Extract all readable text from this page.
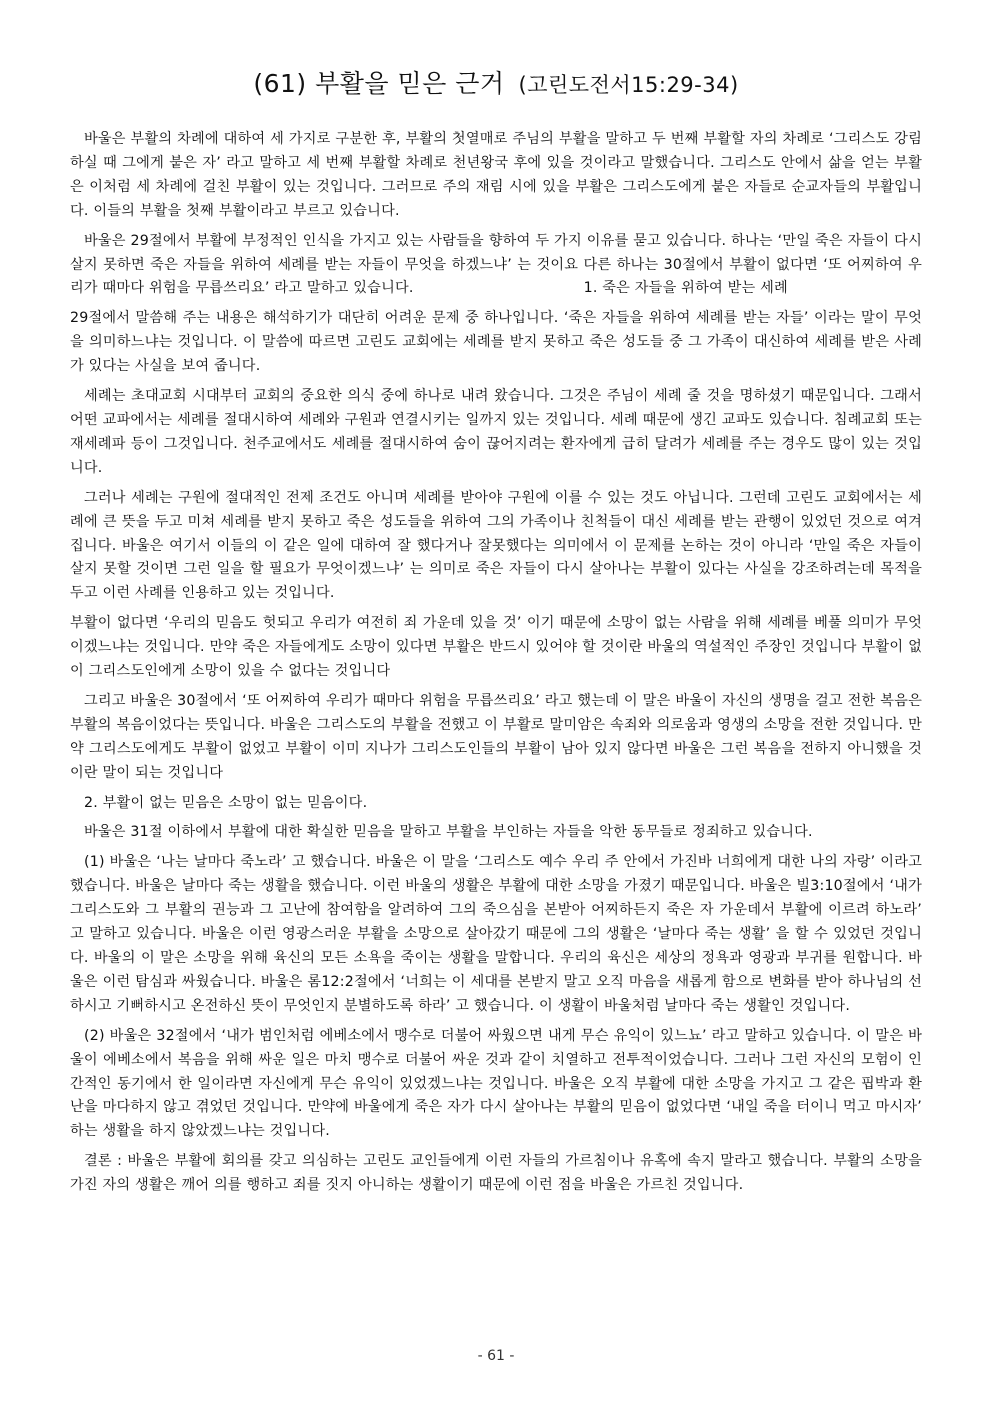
(61) 부활을 믿은 근거 (고린도전서15:29-34)

바울은 부활의 차례에 대하여 세 가지로 구분한 후, 부활의 첫열매로 주님의 부활을 말하고 두 번째 부활할 자의 차례로 ‘그리스도 강림하실 때 그에게 붙은 자’ 라고 말하고 세 번째 부활할 차례로 천년왕국 후에 있을 것이라고 말했습니다. 그리스도 안에서 삶을 얻는 부활은 이처럼 세 차례에 걸친 부활이 있는 것입니다. 그러므로 주의 재림 시에 있을 부활은 그리스도에게 붙은 자들로 순교자들의 부활입니다. 이들의 부활을 첫째 부활이라고 부르고 있습니다.

바울은 29절에서 부활에 부정적인 인식을 가지고 있는 사람들을 향하여 두 가지 이유를 묻고 있습니다. 하나는 ‘만일 죽은 자들이 다시 살지 못하면 죽은 자들을 위하여 세례를 받는 자들이 무엇을 하겠느냐’ 는 것이요 다른 하나는 30절에서 부활이 없다면 ‘또 어찌하여 우리가 때마다 위험을 무릅쓰리요’ 라고 말하고 있습니다.	1. 죽은 자들을 위하여 받는 세례

29절에서 말씀해 주는 내용은 해석하기가 대단히 어려운 문제 중 하나입니다. ‘죽은 자들을 위하여 세례를 받는 자들’ 이라는 말이 무엇을 의미하느냐는 것입니다. 이 말씀에 따르면 고린도 교회에는 세례를 받지 못하고 죽은 성도들 중 그 가족이 대신하여 세례를 받은 사례가 있다는 사실을 보여 줍니다.

세례는 초대교회 시대부터 교회의 중요한 의식 중에 하나로 내려 왔습니다. 그것은 주님이 세례 줄 것을 명하셨기 때문입니다. 그래서 어떤 교파에서는 세례를 절대시하여 세례와 구원과 연결시키는 일까지 있는 것입니다. 세례 때문에 생긴 교파도 있습니다. 침례교회 또는 재세례파 등이 그것입니다. 천주교에서도 세례를 절대시하여 숨이 끊어지려는 환자에게 급히 달려가 세례를 주는 경우도 많이 있는 것입니다.

그러나 세례는 구원에 절대적인 전제 조건도 아니며 세례를 받아야 구원에 이를 수 있는 것도 아닙니다. 그런데 고린도 교회에서는 세례에 큰 뜻을 두고 미쳐 세례를 받지 못하고 죽은 성도들을 위하여 그의 가족이나 친척들이 대신 세례를 받는 관행이 있었던 것으로 여겨집니다. 바울은 여기서 이들의 이 같은 일에 대하여 잘 했다거나 잘못했다는 의미에서 이 문제를 논하는 것이 아니라 ‘만일 죽은 자들이 살지 못할 것이면 그런 일을 할 필요가 무엇이겠느냐’ 는 의미로 죽은 자들이 다시 살아나는 부활이 있다는 사실을 강조하려는데 목적을 두고 이런 사례를 인용하고 있는 것입니다.

부활이 없다면 ‘우리의 믿음도 헛되고 우리가 여전히 죄 가운데 있을 것’ 이기 때문에 소망이 없는 사람을 위해 세례를 베풀 의미가 무엇이겠느냐는 것입니다. 만약 죽은 자들에게도 소망이 있다면 부활은 반드시 있어야 할 것이란 바울의 역설적인 주장인 것입니다 부활이 없이 그리스도인에게 소망이 있을 수 없다는 것입니다

그리고 바울은 30절에서 ‘또 어찌하여 우리가 때마다 위험을 무릅쓰리요’ 라고 했는데 이 말은 바울이 자신의 생명을 걸고 전한 복음은 부활의 복음이었다는 뜻입니다. 바울은 그리스도의 부활을 전했고 이 부활로 말미암은 속죄와 의로움과 영생의 소망을 전한 것입니다. 만약 그리스도에게도 부활이 없었고 부활이 이미 지나가 그리스도인들의 부활이 남아 있지 않다면 바울은 그런 복음을 전하지 아니했을 것이란 말이 되는 것입니다

2. 부활이 없는 믿음은 소망이 없는 믿음이다.

바울은 31절 이하에서 부활에 대한 확실한 믿음을 말하고 부활을 부인하는 자들을 악한 동무들로 정죄하고 있습니다.

(1) 바울은 ‘나는 날마다 죽노라’ 고 했습니다. 바울은 이 말을 ‘그리스도 예수 우리 주 안에서 가진바 너희에게 대한 나의 자랑’ 이라고 했습니다. 바울은 날마다 죽는 생활을 했습니다. 이런 바울의 생활은 부활에 대한 소망을 가졌기 때문입니다. 바울은 빌3:10절에서 ‘내가 그리스도와 그 부활의 권능과 그 고난에 참여함을 알려하여 그의 죽으심을 본받아 어찌하든지 죽은 자 가운데서 부활에 이르려 하노라’ 고 말하고 있습니다. 바울은 이런 영광스러운 부활을 소망으로 살아갔기 때문에 그의 생활은 ‘날마다 죽는 생활’ 을 할 수 있었던 것입니다. 바울의 이 말은 소망을 위해 육신의 모든 소욕을 죽이는 생활을 말합니다. 우리의 육신은 세상의 정욕과 영광과 부귀를 원합니다. 바울은 이런 탐심과 싸웠습니다. 바울은 롬12:2절에서 ‘너희는 이 세대를 본받지 말고 오직 마음을 새롭게 함으로 변화를 받아 하나님의 선하시고 기뻐하시고 온전하신 뜻이 무엇인지 분별하도록 하라’ 고 했습니다. 이 생활이 바울처럼 날마다 죽는 생활인 것입니다.

(2) 바울은 32절에서 ‘내가 범인처럼 에베소에서 맹수로 더불어 싸웠으면 내게 무슨 유익이 있느뇨’ 라고 말하고 있습니다. 이 말은 바울이 에베소에서 복음을 위해 싸운 일은 마치 맹수로 더불어 싸운 것과 같이 치열하고 전투적이었습니다. 그러나 그런 자신의 모험이 인간적인 동기에서 한 일이라면 자신에게 무슨 유익이 있었겠느냐는 것입니다. 바울은 오직 부활에 대한 소망을 가지고 그 같은 핍박과 환난을 마다하지 않고 겪었던 것입니다. 만약에 바울에게 죽은 자가 다시 살아나는 부활의 믿음이 없었다면 ‘내일 죽을 터이니 먹고 마시자’ 하는 생활을 하지 않았겠느냐는 것입니다.

결론 : 바울은 부활에 회의를 갖고 의심하는 고린도 교인들에게 이런 자들의 가르침이나 유혹에 속지 말라고 했습니다. 부활의 소망을 가진 자의 생활은 깨어 의를 행하고 죄를 짓지 아니하는 생활이기 때문에 이런 점을 바울은 가르친 것입니다.

- 61 -
